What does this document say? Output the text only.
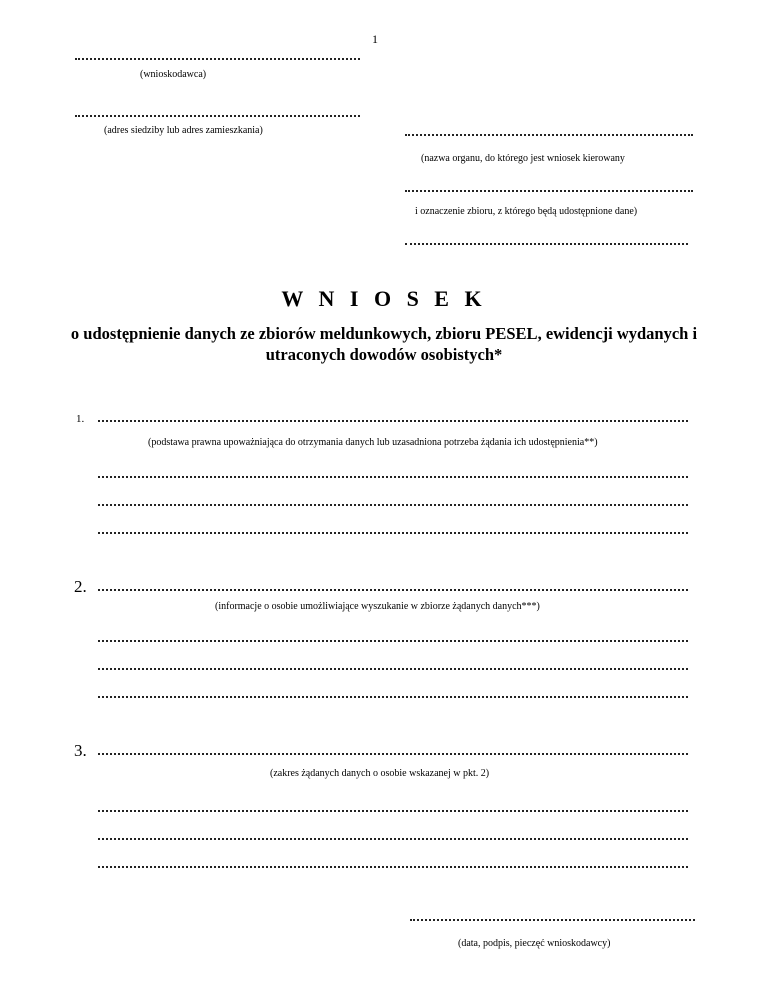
1
(wnioskodawca)
(adres siedziby lub adres zamieszkania)
(nazwa organu, do którego jest wniosek kierowany
i oznaczenie zbioru, z którego będą udostępnione dane)
W N I O S E K
o udostępnienie danych ze zbiorów meldunkowych, zbioru PESEL, ewidencji wydanych i utraconych dowodów osobistych*
1.
(podstawa prawna upoważniająca do otrzymania danych lub uzasadniona potrzeba żądania ich udostępnienia**)
2.
(informacje o osobie umożliwiające wyszukanie w zbiorze żądanych danych***)
3.
(zakres żądanych danych o osobie wskazanej w pkt. 2)
(data, podpis, pieczęć wnioskodawcy)
